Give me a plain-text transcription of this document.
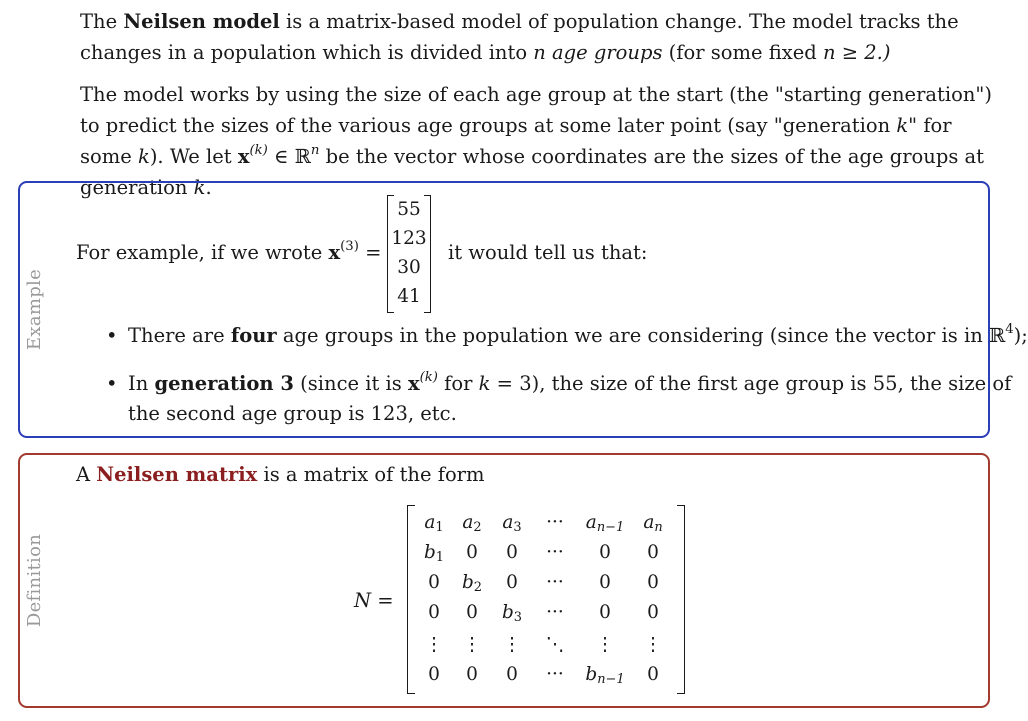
The Neilsen model is a matrix-based model of population change. The model tracks the changes in a population which is divided into n age groups (for some fixed n ≥ 2.)

The model works by using the size of each age group at the start (the "starting generation") to predict the sizes of the various age groups at some later point (say "generation k" for some k). We let $x^{(k)}$ ∈ ℝ$^n$ be the vector whose coordinates are the sizes of the age groups at generation k.

Example
For example, if we wrote $x^{(3)}$ =
55
123
30
41
it would tell us that:
• There are four age groups in the population we are considering (since the vector is in ℝ$^4$);
• In generation 3 (since it is $x^{(k)}$ for k = 3), the size of the first age group is 55, the size of
the second age group is 123, etc.
Definition
A Neilsen matrix is a matrix of the form
N =
$a_1$ $a_2$ $a_3$	···	$a_{n-1}$	$a_n$
$b_1$	0	0	···	0	0
0	$b_2$	0	···	0	0
0	0	$b_3$	···	0	0
⋮	⋮	⋮	⋱	⋮	⋮
0	0	0	···	$b_{n-1}$	0
